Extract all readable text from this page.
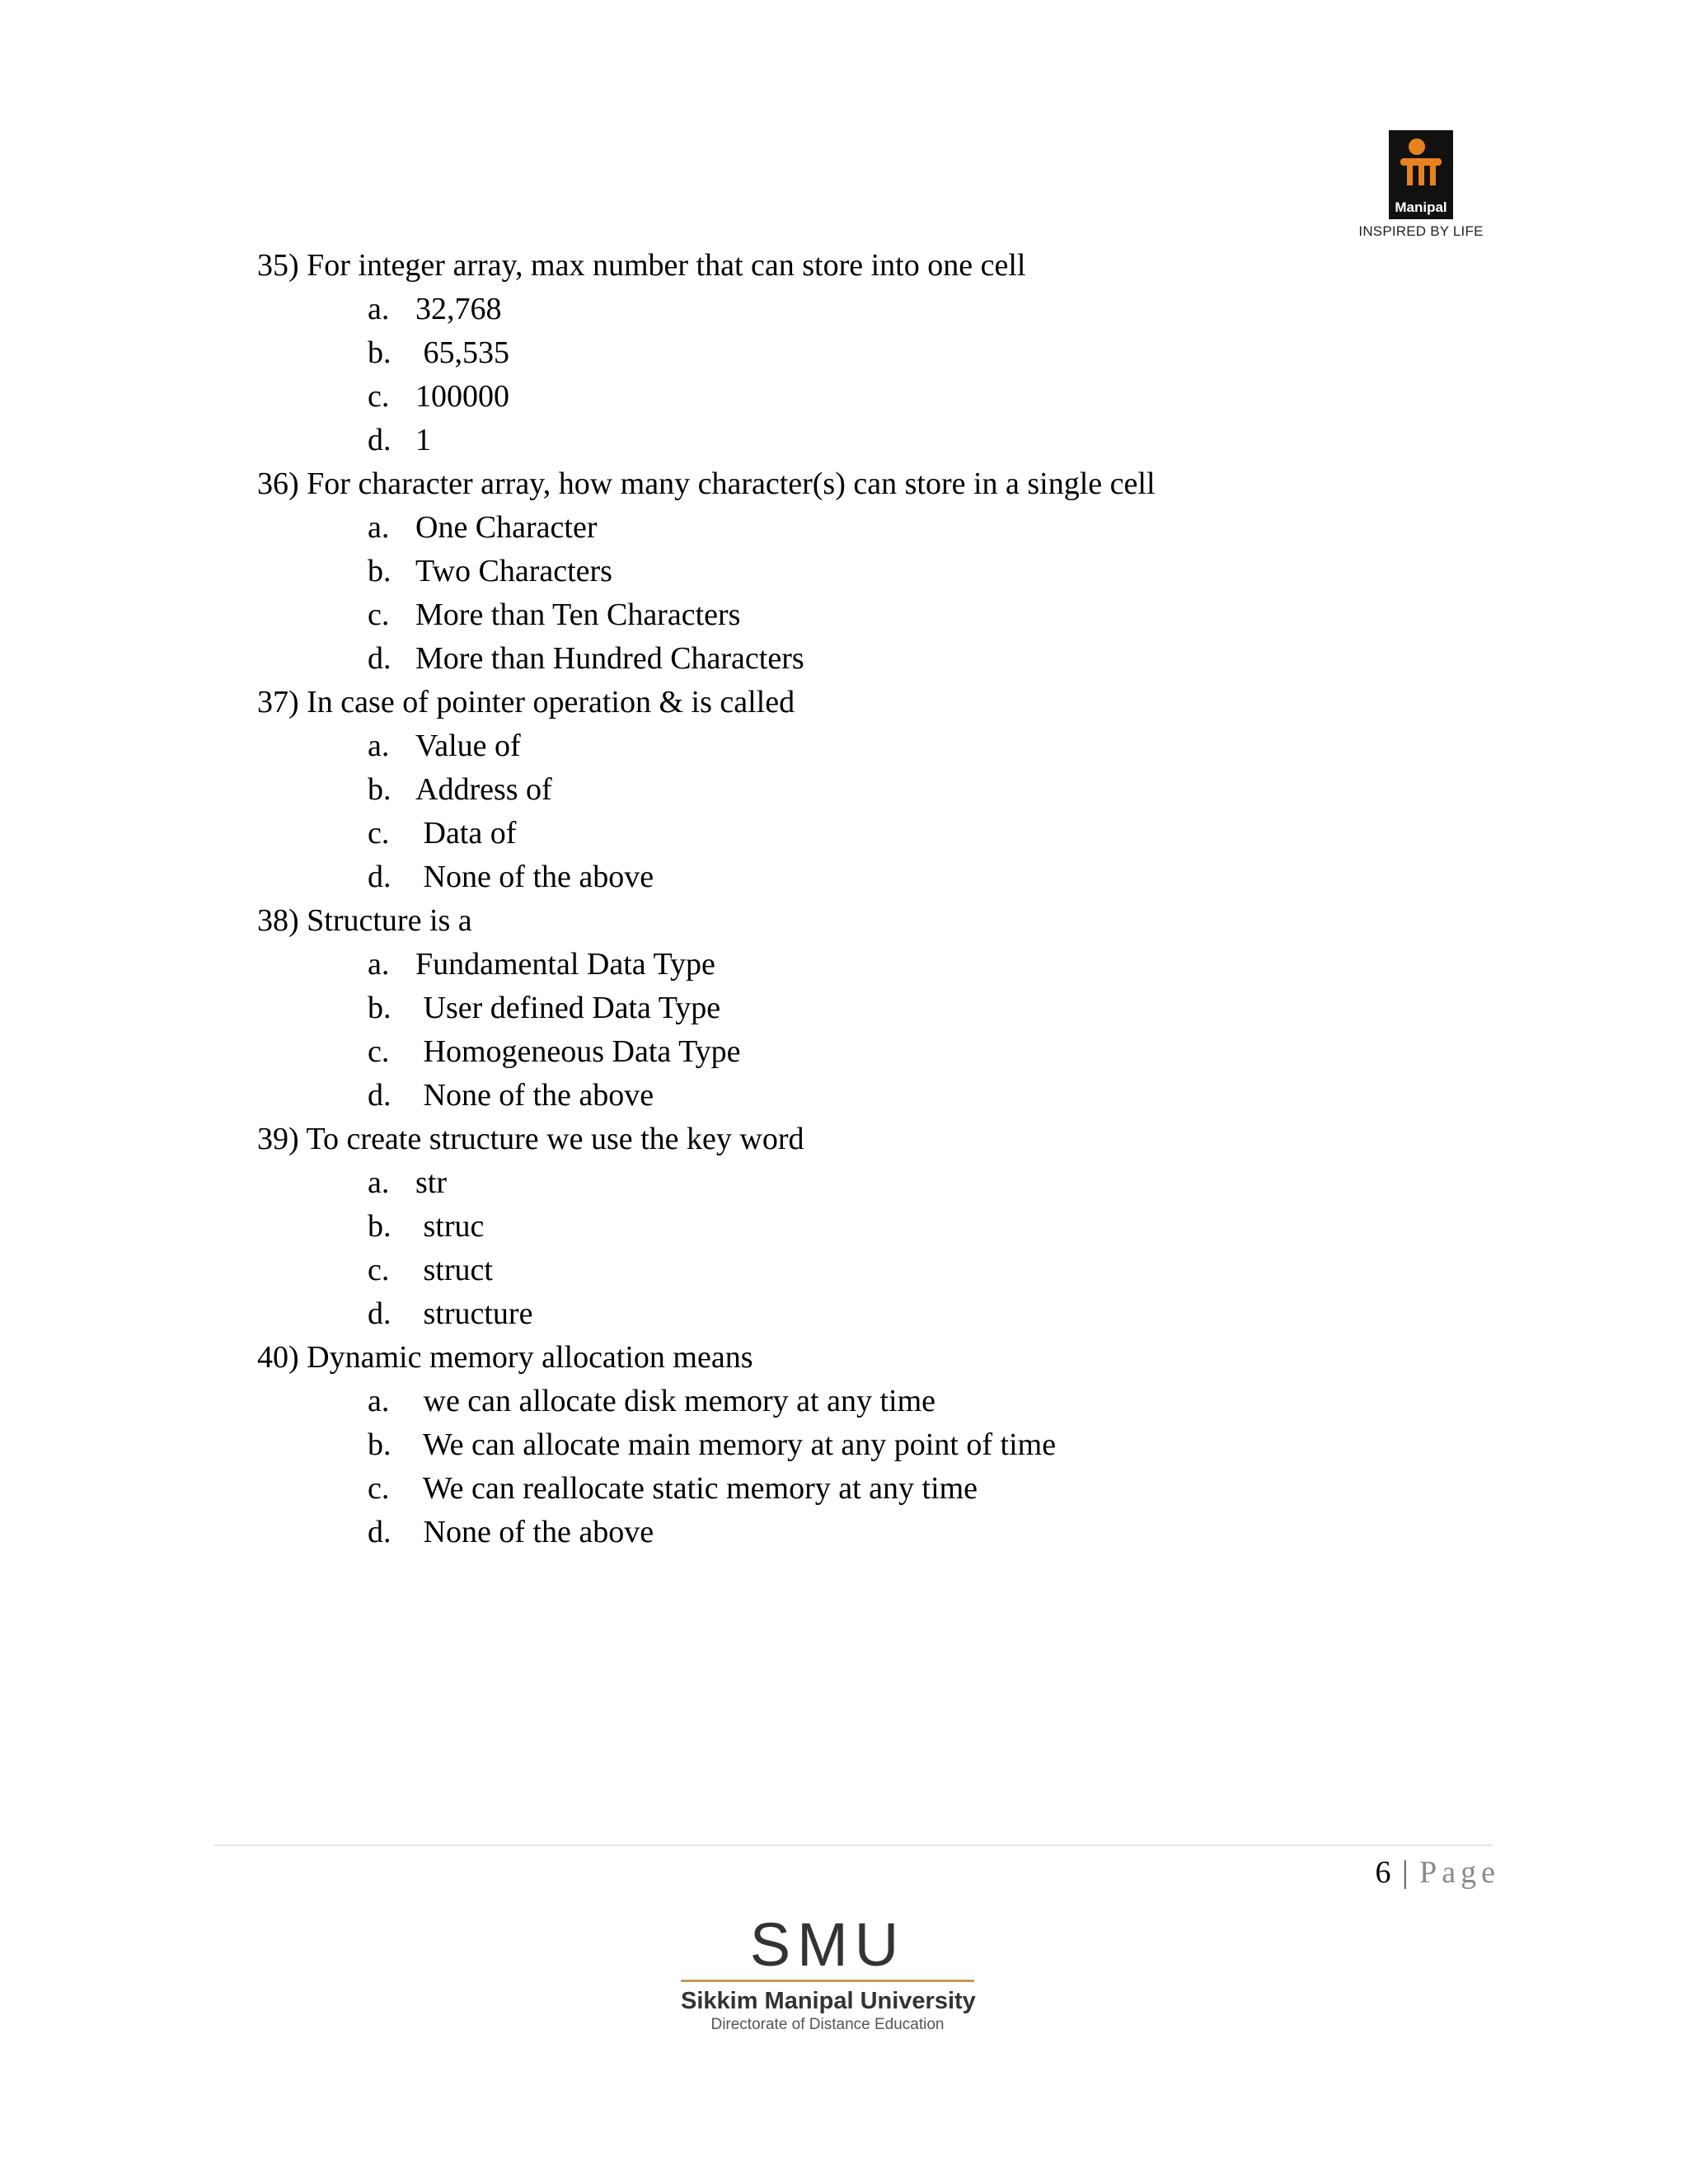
Manipal
INSPIRED BY LIFE
35) For integer array, max number that can store into one cell
a. 32,768
b. 65,535
c. 100000
d. 1
36) For character array, how many character(s) can store in a single cell
a. One Character
b. Two Characters
c. More than Ten Characters
d. More than Hundred Characters
37) In case of pointer operation & is called
a. Value of
b. Address of
c. Data of
d. None of the above
38) Structure is a
a. Fundamental Data Type
b. User defined Data Type
c. Homogeneous Data Type
d. None of the above
39) To create structure we use the key word
a. str
b. struc
c. struct
d. structure
40) Dynamic memory allocation means
a. we can allocate disk memory at any time
b. We can allocate main memory at any point of time
c. We can reallocate static memory at any time
d. None of the above
6 | Page
SMU
Sikkim Manipal University
Directorate of Distance Education
